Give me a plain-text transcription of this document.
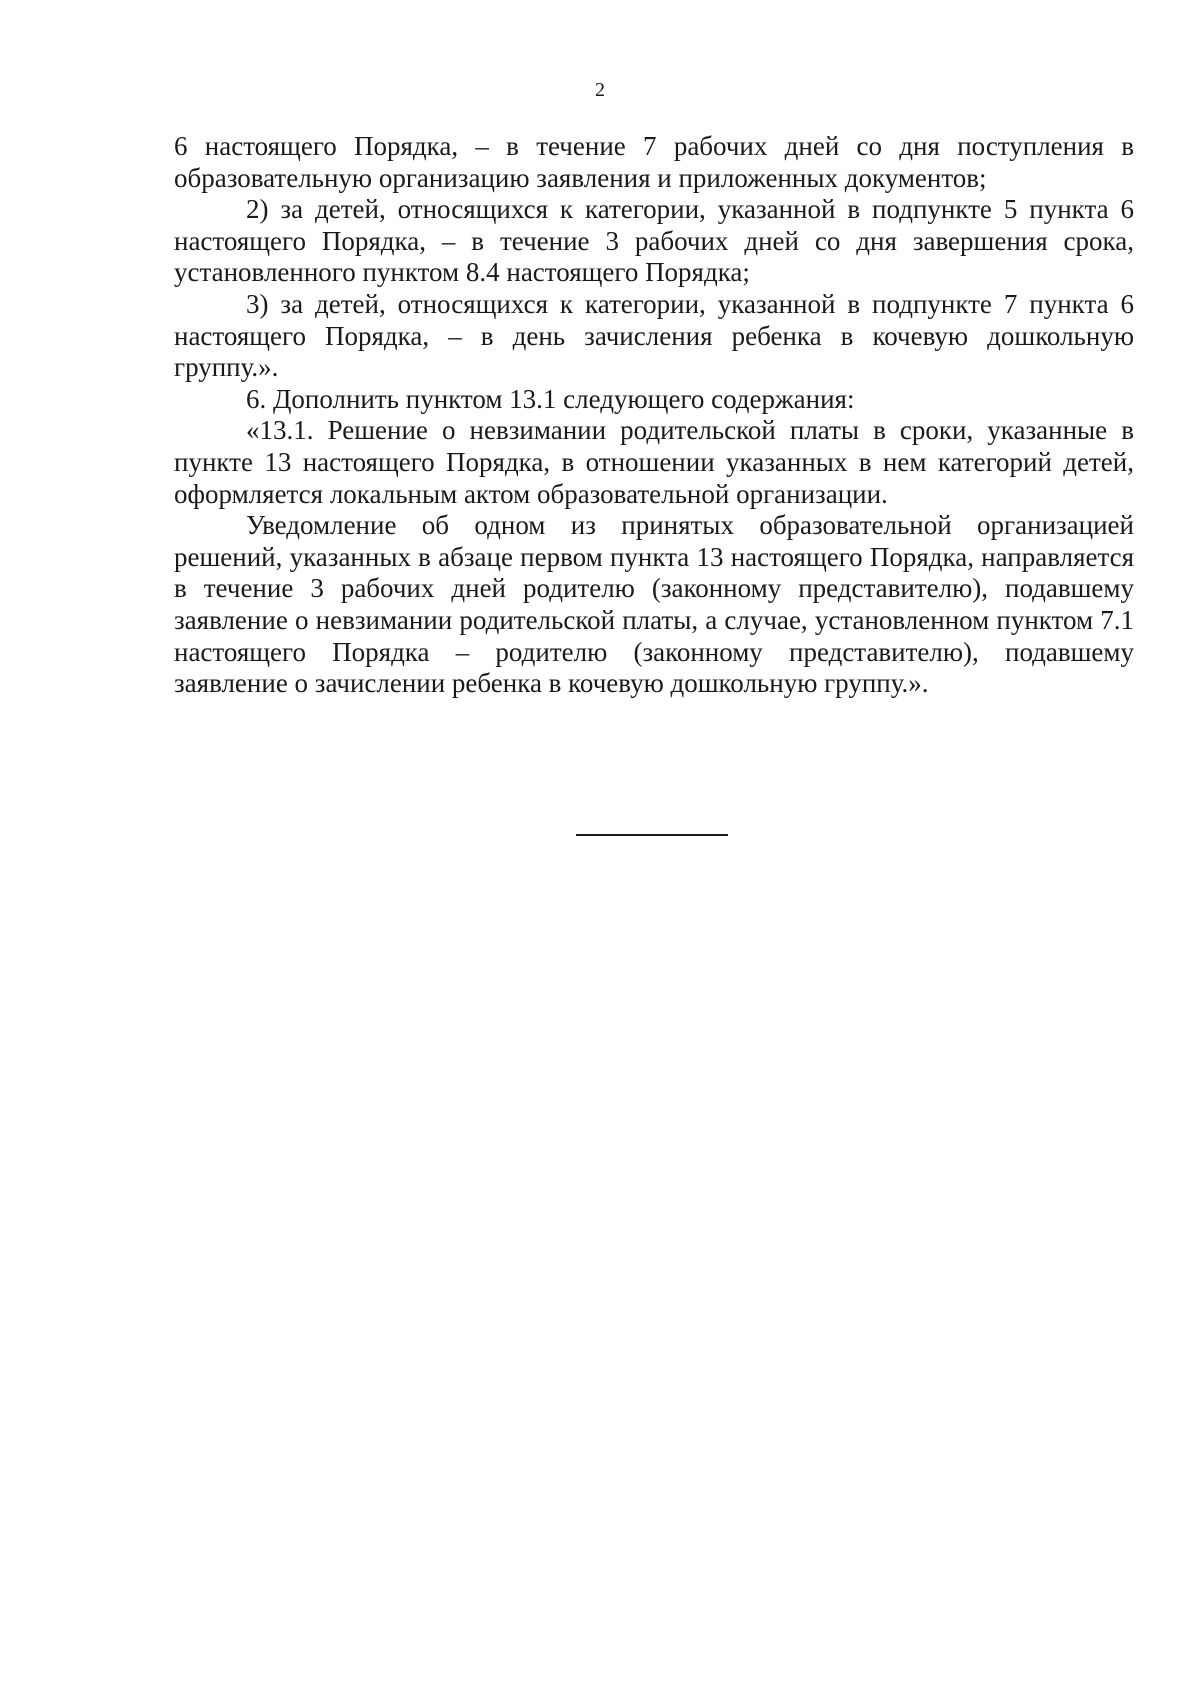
2

6 настоящего Порядка, – в течение 7 рабочих дней со дня поступления в образовательную организацию заявления и приложенных документов;

2) за детей, относящихся к категории, указанной в подпункте 5 пункта 6 настоящего Порядка, – в течение 3 рабочих дней со дня завершения срока, установленного пунктом 8.4 настоящего Порядка;

3) за детей, относящихся к категории, указанной в подпункте 7 пункта 6 настоящего Порядка, – в день зачисления ребенка в кочевую дошкольную группу.».

6. Дополнить пунктом 13.1 следующего содержания:

«13.1. Решение о невзимании родительской платы в сроки, указанные в пункте 13 настоящего Порядка, в отношении указанных в нем категорий детей, оформляется локальным актом образовательной организации.

Уведомление об одном из принятых образовательной организацией решений, указанных в абзаце первом пункта 13 настоящего Порядка, направляется в течение 3 рабочих дней родителю (законному представителю), подавшему заявление о невзимании родительской платы, а случае, установленном пунктом 7.1 настоящего Порядка – родителю (законному представителю), подавшему заявление о зачислении ребенка в кочевую дошкольную группу.».
